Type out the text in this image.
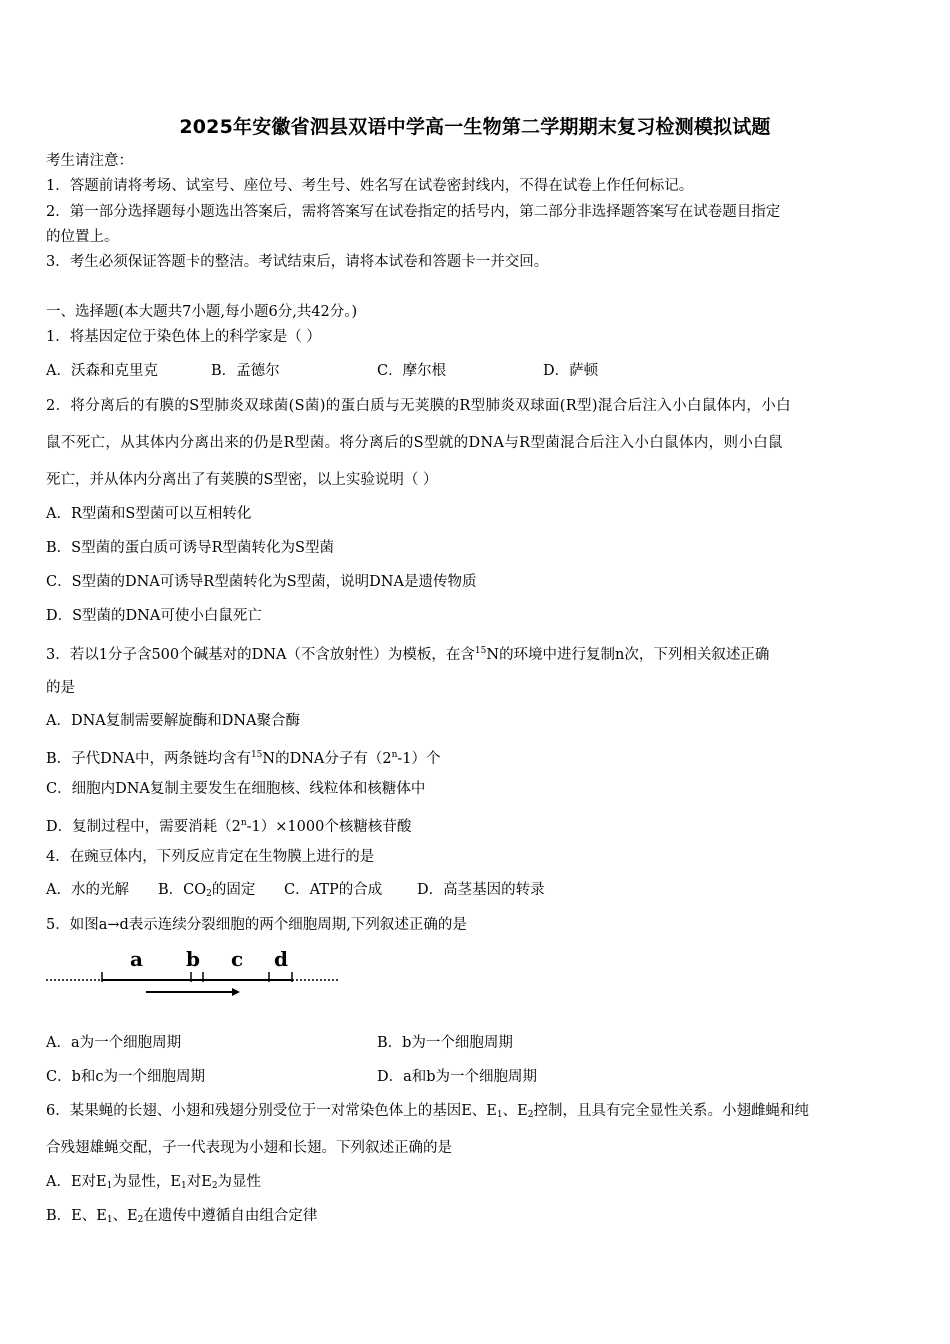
2025年安徽省泗县双语中学高一生物第二学期期末复习检测模拟试题
考生请注意：
1．答题前请将考场、试室号、座位号、考生号、姓名写在试卷密封线内，不得在试卷上作任何标记。
2．第一部分选择题每小题选出答案后，需将答案写在试卷指定的括号内，第二部分非选择题答案写在试卷题目指定
的位置上。
3．考生必须保证答题卡的整洁。考试结束后，请将本试卷和答题卡一并交回。
一、选择题(本大题共7小题,每小题6分,共42分。)
1．将基因定位于染色体上的科学家是（ ）
A．沃森和克里克	B．孟德尔	C．摩尔根	D．萨顿
2．将分离后的有膜的S型肺炎双球菌(S菌)的蛋白质与无荚膜的R型肺炎双球面(R型)混合后注入小白鼠体内，小白
鼠不死亡，从其体内分离出来的仍是R型菌。将分离后的S型就的DNA与R型菌混合后注入小白鼠体内，则小白鼠
死亡，并从体内分离出了有荚膜的S型密，以上实验说明（ ）
A．R型菌和S型菌可以互相转化
B．S型菌的蛋白质可诱导R型菌转化为S型菌
C．S型菌的DNA可诱导R型菌转化为S型菌，说明DNA是遗传物质
D．S型菌的DNA可使小白鼠死亡
3．若以1分子含500个碱基对的DNA（不含放射性）为模板，在含$^{15}$N的环境中进行复制n次，下列相关叙述正确
的是
A．DNA复制需要解旋酶和DNA聚合酶
B．子代DNA中，两条链均含有$^{15}$N的DNA分子有（2$^n$-1）个
C．细胞内DNA复制主要发生在细胞核、线粒体和核糖体中
D．复制过程中，需要消耗$(2^n-1)\times 1000$个核糖核苷酸
4．在豌豆体内，下列反应肯定在生物膜上进行的是
A．水的光解 B．$CO_2$的固定 C．ATP的合成 D．高茎基因的转录
5．如图a→d表示连续分裂细胞的两个细胞周期,下列叙述正确的是
a b c d
A．a为一个细胞周期	B．b为一个细胞周期
C．b和c为一个细胞周期	D．a和b为一个细胞周期
6．某果蝇的长翅、小翅和残翅分别受位于一对常染色体上的基因E、$E_1$、$E_2$控制，且具有完全显性关系。小翅雌蝇和纯
合残翅雄蝇交配，子一代表现为小翅和长翅。下列叙述正确的是
A．E对$E_1$为显性，$E_1$对$E_2$为显性
B．E、$E_1$、$E_2$在遗传中遵循自由组合定律
